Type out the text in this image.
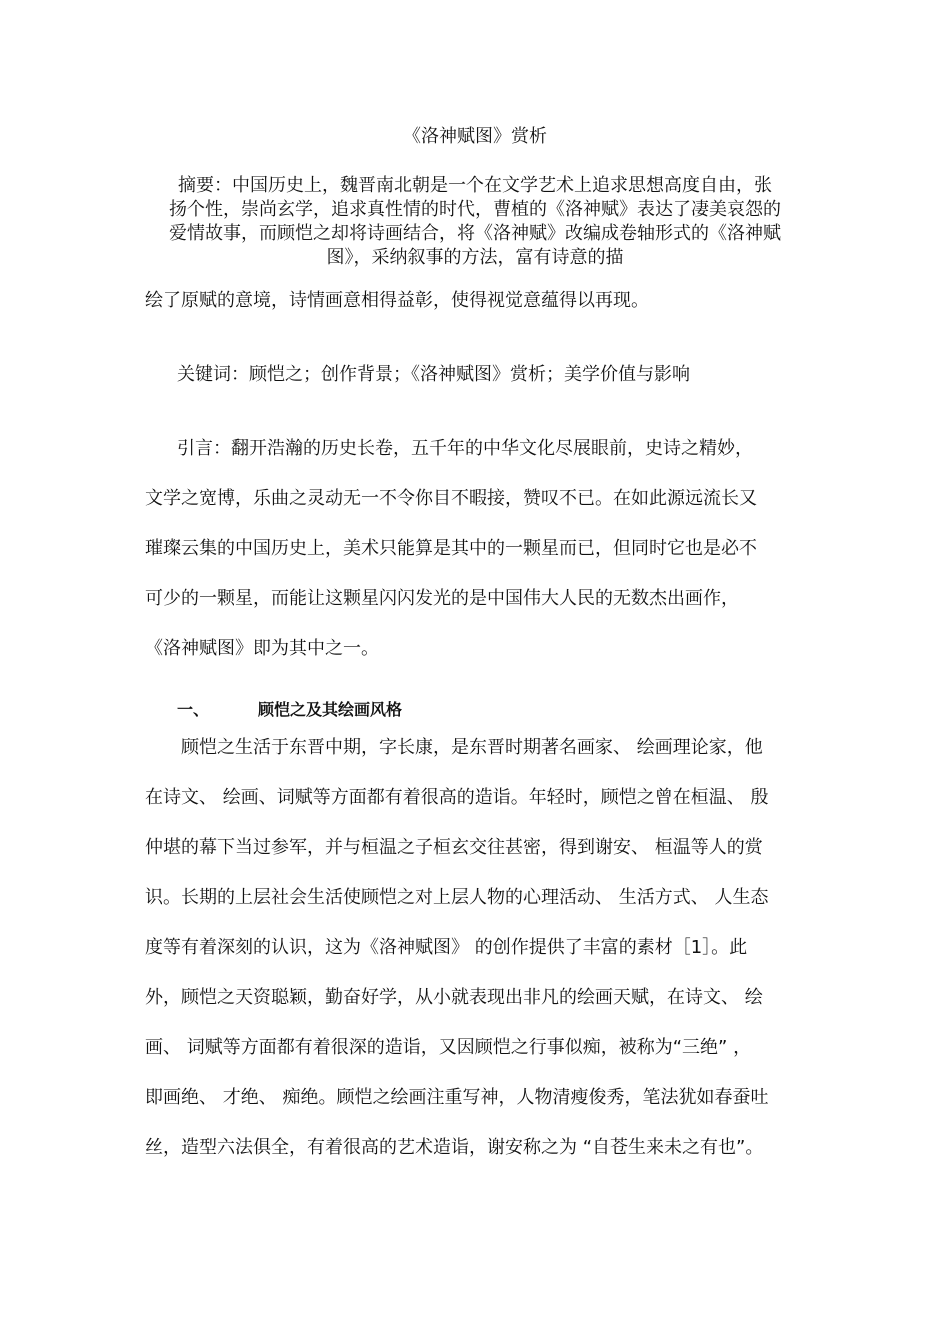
《洛神赋图》赏析

摘要：中国历史上，魏晋南北朝是一个在文学艺术上追求思想高度自由，张

扬个性，崇尚玄学，追求真性情的时代，曹植的《洛神赋》表达了凄美哀怨的

爱情故事，而顾恺之却将诗画结合，将《洛神赋》改编成卷轴形式的《洛神赋

图》，采纳叙事的方法，富有诗意的描

绘了原赋的意境，诗情画意相得益彰，使得视觉意蕴得以再现。
关键词：顾恺之；创作背景；《洛神赋图》赏析；美学价值与影响
引言：翻开浩瀚的历史长卷，五千年的中华文化尽展眼前，史诗之精妙，
文学之宽博，乐曲之灵动无一不令你目不暇接，赞叹不已。在如此源远流长又
璀璨云集的中国历史上，美术只能算是其中的一颗星而已，但同时它也是必不
可少的一颗星，而能让这颗星闪闪发光的是中国伟大人民的无数杰出画作，
《洛神赋图》即为其中之一。
一、	顾恺之及其绘画风格
顾恺之生活于东晋中期，字长康，是东晋时期著名画家、 绘画理论家，他
在诗文、 绘画、词赋等方面都有着很高的造诣。年轻时，顾恺之曾在桓温、 殷
仲堪的幕下当过参军，并与桓温之子桓玄交往甚密，得到谢安、 桓温等人的赏
识。长期的上层社会生活使顾恺之对上层人物的心理活动、 生活方式、 人生态
度等有着深刻的认识，这为《洛神赋图》 的创作提供了丰富的素材［1］。此
外，顾恺之天资聪颖，勤奋好学，从小就表现出非凡的绘画天赋，在诗文、 绘
画、 词赋等方面都有着很深的造诣，又因顾恺之行事似痴，被称为“三绝” ，
即画绝、 才绝、 痴绝。顾恺之绘画注重写神，人物清瘦俊秀，笔法犹如春蚕吐
丝，造型六法俱全，有着很高的艺术造诣，谢安称之为 “自苍生来未之有也”。
